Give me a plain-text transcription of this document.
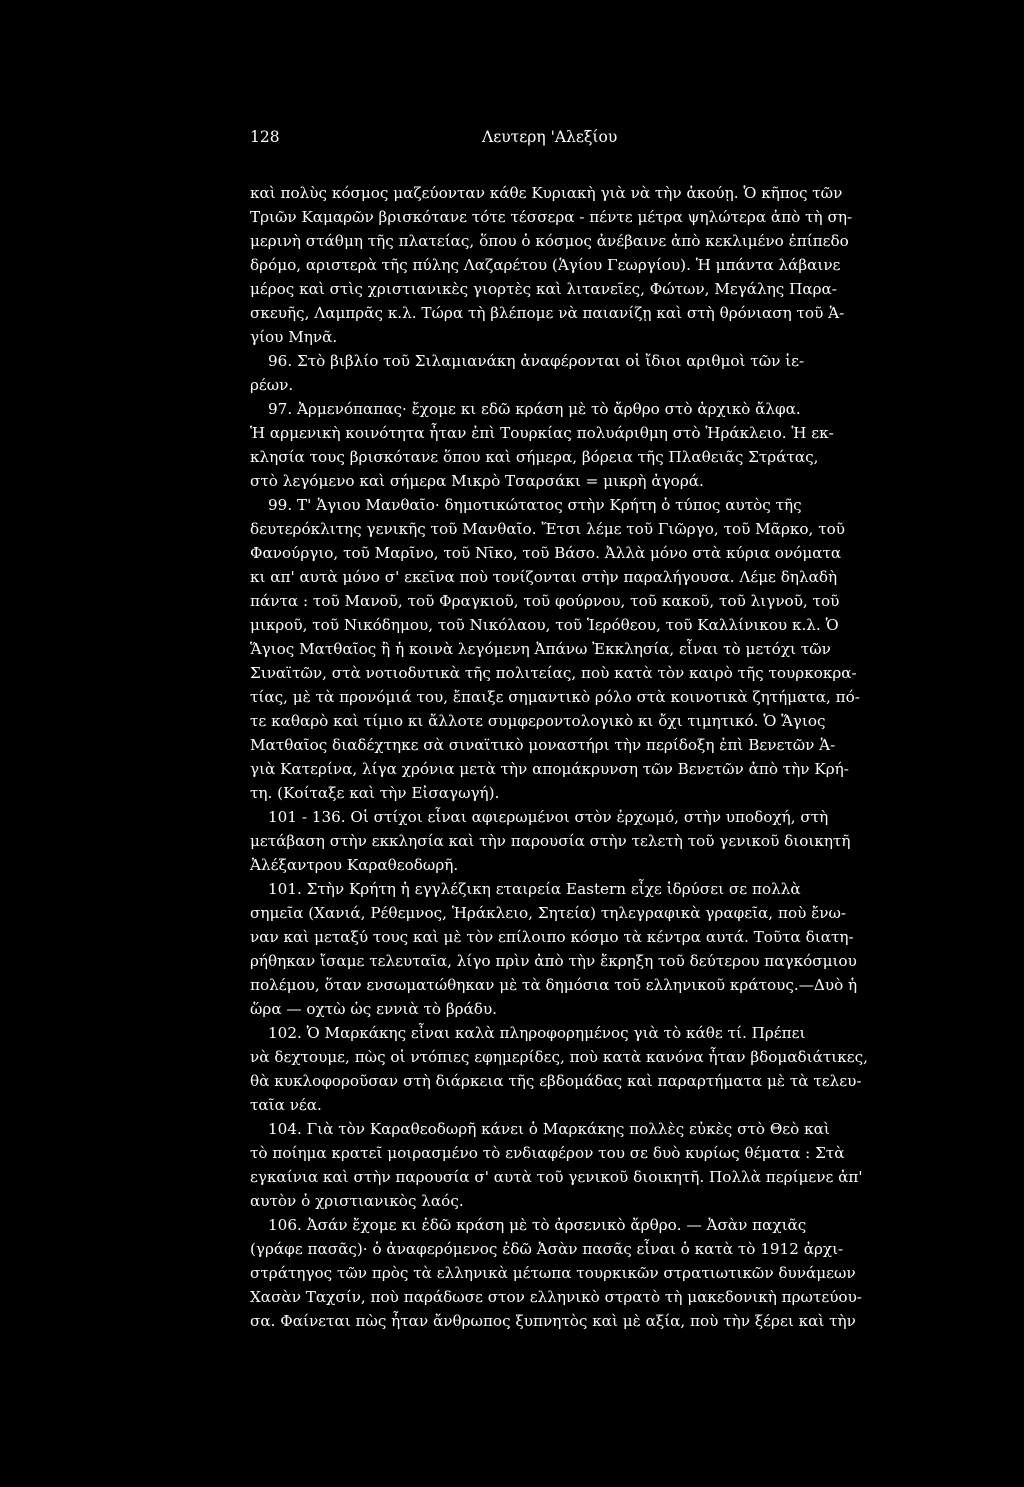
128	Λευτερη 'Αλεξίου
καὶ πολὺς κόσμος μαζεύονταν κάθε Κυριακὴ γιὰ νὰ τὴν ἀκούῃ. Ὁ κῆπος τῶν
Τριῶν Καμαρῶν βρισκότανε τότε τέσσερα - πέντε μέτρα ψηλώτερα ἀπὸ τὴ ση-
μερινὴ στάθμη τῆς πλατείας, ὅπου ὁ κόσμος ἀνέβαινε ἀπὸ κεκλιμένο ἐπίπεδο
δρόμο, αριστερὰ τῆς πύλης Λαζαρέτου (Ἁγίου Γεωργίου). Ἡ μπάντα λάβαινε
μέρος καὶ στὶς χριστιανικὲς γιορτὲς καὶ λιτανεῖες, Φώτων, Μεγάλης Παρα-
σκευῆς, Λαμπρᾶς κ.λ. Τώρα τὴ βλέπομε νὰ παιανίζῃ καὶ στὴ θρόνιαση τοῦ Ἁ-
γίου Μηνᾶ.
96. Στὸ βιβλίο τοῦ Σιλαμιανάκη ἀναφέρονται οἱ ἴδιοι αριθμοὶ τῶν ἱε-
ρέων.
97. Ἀρμενόπαπας· ἔχομε κι εδῶ κράση μὲ τὸ ἄρθρο στὸ ἀρχικὸ ἄλφα.
Ἡ αρμενικὴ κοινότητα ἦταν ἐπὶ Τουρκίας πολυάριθμη στὸ Ἡράκλειο. Ἡ εκ-
κλησία τους βρισκότανε ὅπου καὶ σήμερα, βόρεια τῆς Πλαθειᾶς Στράτας,
στὸ λεγόμενο καὶ σήμερα Μικρὸ Τσαρσάκι = μικρὴ ἀγορά.
99. Τ' Ἁγιου Μανθαῖο· δημοτικώτατος στὴν Κρήτη ὁ τύπος αυτὸς τῆς
δευτερόκλιτης γενικῆς τοῦ Μανθαῖο. Ἔτσι λέμε τοῦ Γιῶργο, τοῦ Μᾶρκο, τοῦ
Φανούργιο, τοῦ Μαρῖνο, τοῦ Νῖκο, τοῦ Βάσο. Ἀλλὰ μόνο στὰ κύρια ονόματα
κι απ' αυτὰ μόνο σ' εκεῖνα ποὺ τονίζονται στὴν παραλήγουσα. Λέμε δηλαδὴ
πάντα : τοῦ Μανοῦ, τοῦ Φραγκιοῦ, τοῦ φούρνου, τοῦ κακοῦ, τοῦ λιγνοῦ, τοῦ
μικροῦ, τοῦ Νικόδημου, τοῦ Νικόλαου, τοῦ Ἱερόθεου, τοῦ Καλλίνικου κ.λ. Ὁ
Ἅγιος Ματθαῖος ἢ ἡ κοινὰ λεγόμενη Ἀπάνω Ἐκκλησία, εἶναι τὸ μετόχι τῶν
Σιναϊτῶν, στὰ νοτιοδυτικὰ τῆς πολιτείας, ποὺ κατὰ τὸν καιρὸ τῆς τουρκοκρα-
τίας, μὲ τὰ προνόμιά του, ἔπαιξε σημαντικὸ ρόλο στὰ κοινοτικὰ ζητήματα, πό-
τε καθαρὸ καὶ τίμιο κι ἄλλοτε συμφεροντολογικὸ κι ὄχι τιμητικό. Ὁ Ἅγιος
Ματθαῖος διαδέχτηκε σὰ σιναϊτικὸ μοναστήρι τὴν περίδοξη ἐπὶ Βενετῶν Ἁ-
γιὰ Κατερίνα, λίγα χρόνια μετὰ τὴν απομάκρυνση τῶν Βενετῶν ἀπὸ τὴν Κρή-
τη. (Κοίταξε καὶ τὴν Εἰσαγωγή).
101 - 136. Οἱ στίχοι εἶναι αφιερωμένοι στὸν ἐρχωμό, στὴν υποδοχή, στὴ
μετάβαση στὴν εκκλησία καὶ τὴν παρουσία στὴν τελετὴ τοῦ γενικοῦ διοικητῆ
Ἀλέξαντρου Καραθεοδωρῆ.
101. Στὴν Κρήτη ἡ εγγλέζικη εταιρεία Eastern εἶχε ἱδρύσει σε πολλὰ
σημεῖα (Χανιά, Ρέθεμνος, Ἡράκλειο, Σητεία) τηλεγραφικὰ γραφεῖα, ποὺ ἔνω-
ναν καὶ μεταξύ τους καὶ μὲ τὸν επίλοιπο κόσμο τὰ κέντρα αυτά. Τοῦτα διατη-
ρήθηκαν ἴσαμε τελευταῖα, λίγο πρὶν ἀπὸ τὴν ἔκρηξη τοῦ δεύτερου παγκόσμιου
πολέμου, ὅταν ενσωματώθηκαν μὲ τὰ δημόσια τοῦ ελληνικοῦ κράτους.—Δυὸ ἡ
ὥρα — οχτὼ ὡς εννιὰ τὸ βράδυ.
102. Ὁ Μαρκάκης εἶναι καλὰ πληροφορημένος γιὰ τὸ κάθε τί. Πρέπει
νὰ δεχτουμε, πὼς οἱ ντόπιες εφημερίδες, ποὺ κατὰ κανόνα ἦταν βδομαδιάτικες,
θὰ κυκλοφοροῦσαν στὴ διάρκεια τῆς εβδομάδας καὶ παραρτήματα μὲ τὰ τελευ-
ταῖα νέα.
104. Γιὰ τὸν Καραθεοδωρῆ κάνει ὁ Μαρκάκης πολλὲς εὐκὲς στὸ Θεὸ καὶ
τὸ ποίημα κρατεῖ μοιρασμένο τὸ ενδιαφέρον του σε δυὸ κυρίως θέματα : Στὰ
εγκαίνια καὶ στὴν παρουσία σ' αυτὰ τοῦ γενικοῦ διοικητῆ. Πολλὰ περίμενε ἀπ'
αυτὸν ὁ χριστιανικὸς λαός.
106. Ἀσάν ἔχομε κι ἐδῶ κράση μὲ τὸ ἀρσενικὸ ἄρθρο. — Ἀσὰν παχιᾶς
(γράφε πασᾶς)· ὁ ἀναφερόμενος ἐδῶ Ἀσὰν πασᾶς εἶναι ὁ κατὰ τὸ 1912 ἀρχι-
στράτηγος τῶν πρὸς τὰ ελληνικὰ μέτωπα τουρκικῶν στρατιωτικῶν δυνάμεων
Χασὰν Ταχσίν, ποὺ παράδωσε στον ελληνικὸ στρατὸ τὴ μακεδονικὴ πρωτεύου-
σα. Φαίνεται πὼς ἦταν ἄνθρωπος ξυπνητὸς καὶ μὲ αξία, ποὺ τὴν ξέρει καὶ τὴν
